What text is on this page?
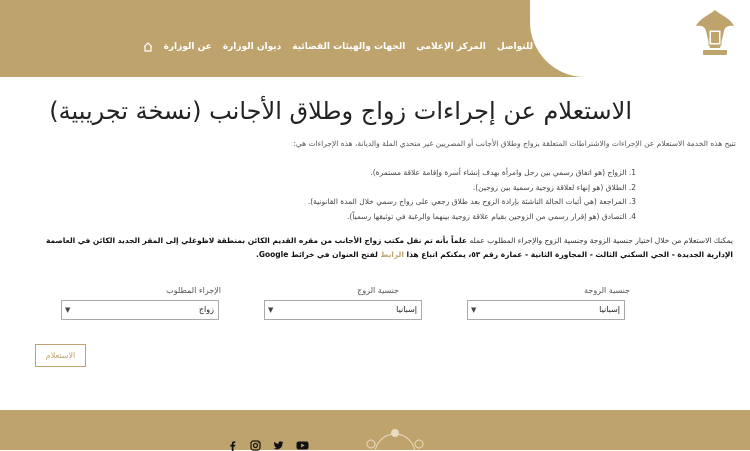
جمهورية مصر العربية
بوابة وزارة العدل الالكترونية
عن الوزارة ديوان الوزارة الجهات والهيئات القضائية المركز الإعلامي للتواصل
الاستعلام عن إجراءات زواج وطلاق الأجانب (نسخة تجريبية)
تتيح هذه الخدمة الاستعلام عن الإجراءات والاشتراطات المتعلقة بزواج وطلاق الأجانب أو المصريين غير متحدي الملة والديانة، هذه الإجراءات هي:
1. الزواج (هو اتفاق رسمي بين رجل وامرأة بهدف إنشاء أسرة وإقامة علاقة مستمرة).
2. الطلاق (هو إنهاء لعلاقة زوجية رسمية بين زوجين).
3. المراجعة (هي أثبات الحالة الناشئة بإرادة الزوج بعد طلاق رجعي على زواج رسمي خلال المدة القانونية).
4. التصادق (هو إقرار رسمي من الزوجين بقيام علاقة زوجية بينهما والرغبة في توثيقها رسمياً).
يمكنك الاستعلام من خلال اختيار جنسية الزوجة وجنسية الزوج والإجراء المطلوب عمله علماً بأنه تم نقل مكتب زواج الأجانب من مقره القديم الكائن بمنطقة لاظوغلي إلى المقر الجديد الكائن في العاصمة الإدارية الجديدة - الحي السكني الثالث - المجاورة الثانية - عمارة رقم ٥٣، يمكنكم اتباع هذا الرابط لفتح العنوان في خرائط Google.
جنسية الزوجة
إسبانيا
▼
جنسية الزوج
إسبانيا
▼
الإجراء المطلوب
زواج
▼
الاستعلام
